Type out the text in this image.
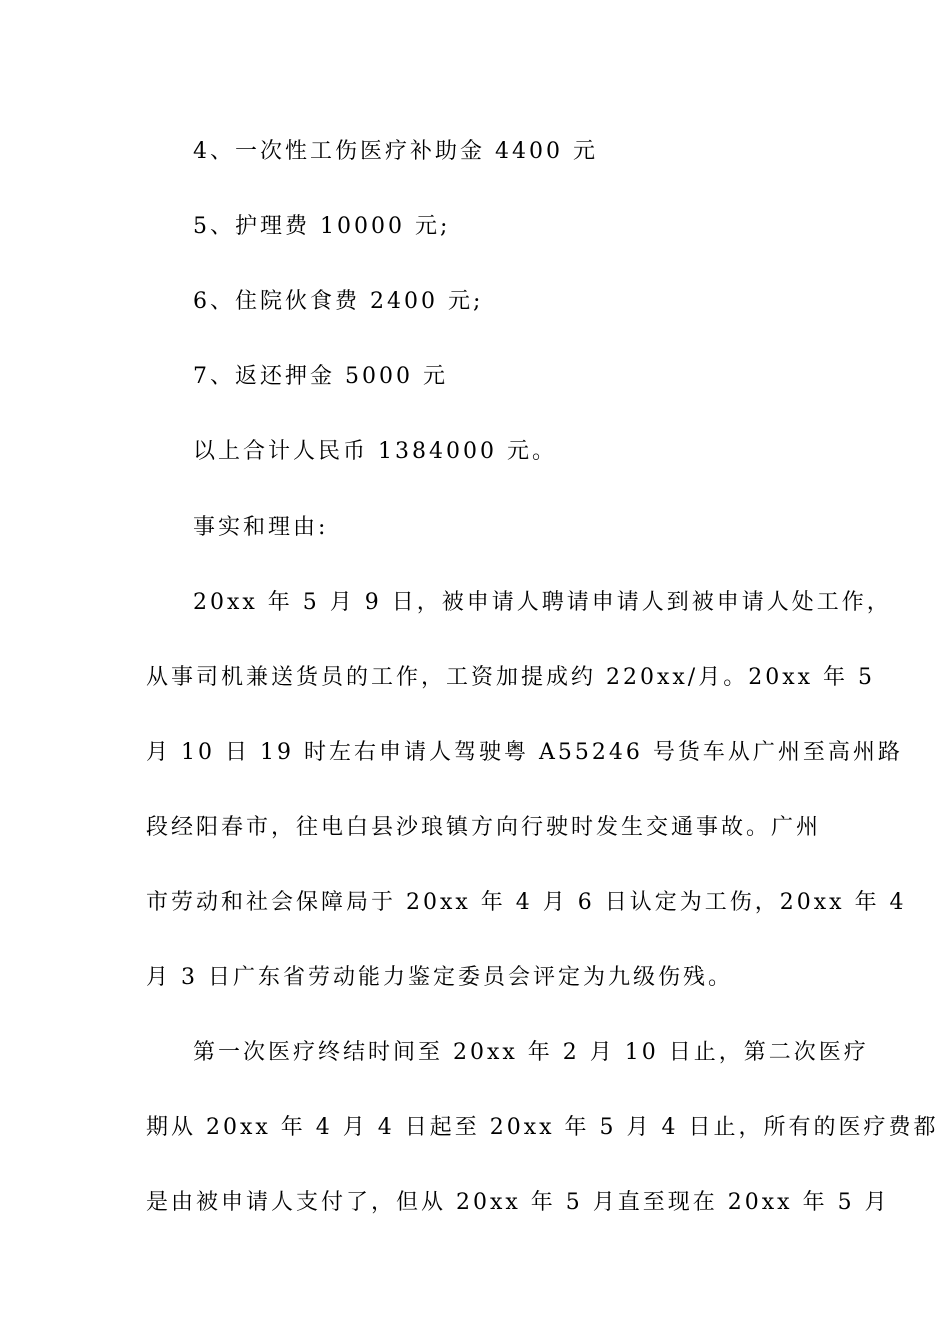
4、一次性工伤医疗补助金 4400 元
5、护理费 10000 元;
6、住院伙食费 2400 元;
7、返还押金 5000 元
以上合计人民币 1384000 元。
事实和理由:
20xx 年 5 月 9 日，被申请人聘请申请人到被申请人处工作，
从事司机兼送货员的工作，工资加提成约 220xx/月。20xx 年 5
月 10 日 19 时左右申请人驾驶粤 A55246 号货车从广州至高州路
段经阳春市，往电白县沙琅镇方向行驶时发生交通事故。广州
市劳动和社会保障局于 20xx 年 4 月 6 日认定为工伤，20xx 年 4
月 3 日广东省劳动能力鉴定委员会评定为九级伤残。
第一次医疗终结时间至 20xx 年 2 月 10 日止，第二次医疗
期从 20xx 年 4 月 4 日起至 20xx 年 5 月 4 日止，所有的医疗费都
是由被申请人支付了，但从 20xx 年 5 月直至现在 20xx 年 5 月
